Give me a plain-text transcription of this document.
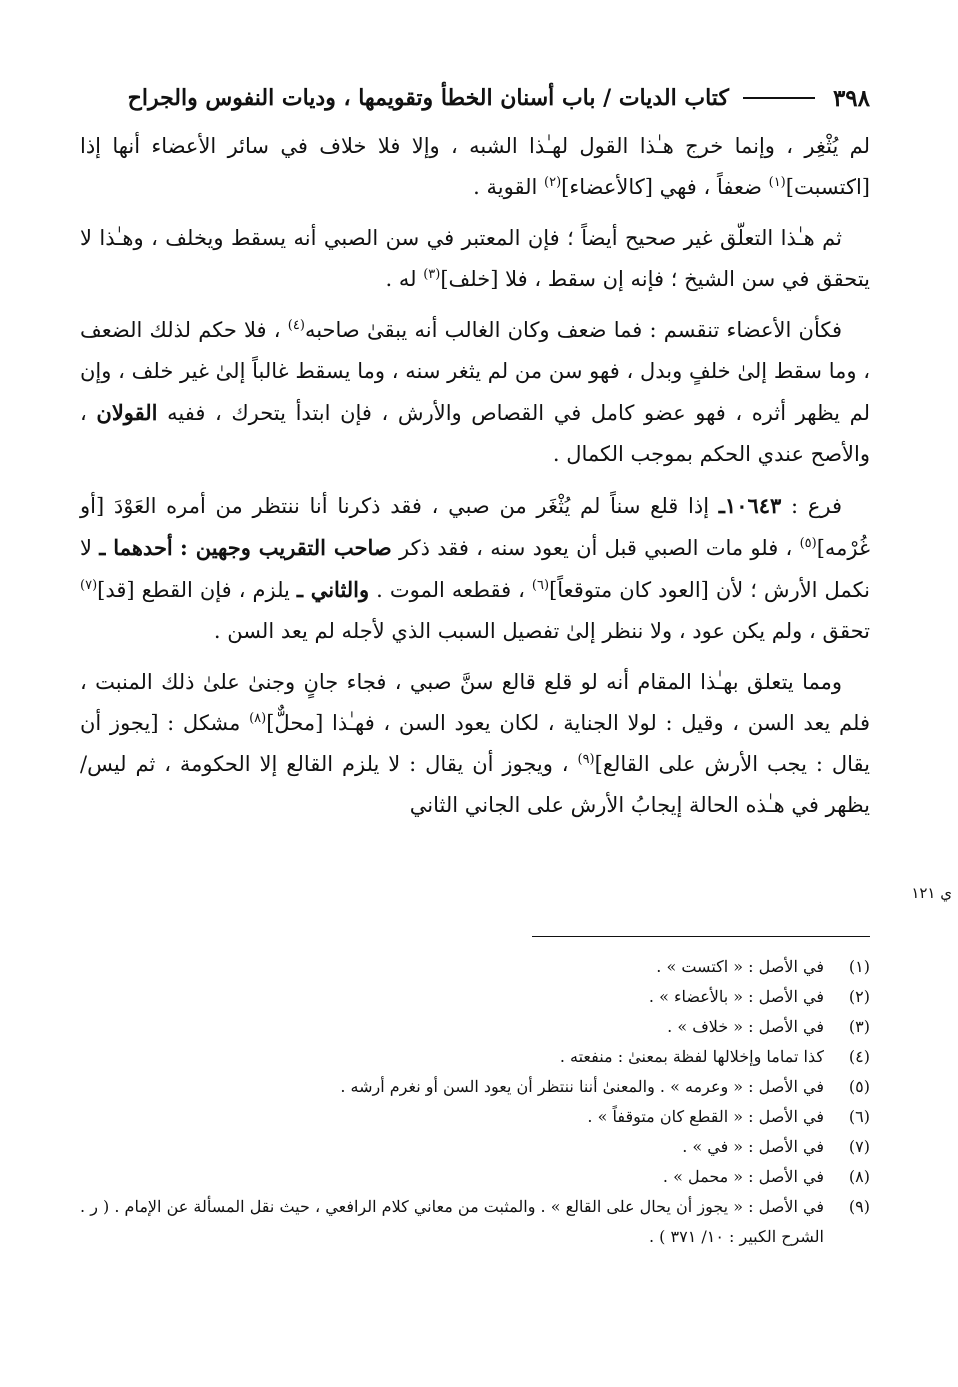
٣٩٨
كتاب الديات / باب أسنان الخطأ وتقويمها ، وديات النفوس والجراح

لم يُثْغِر ، وإنما خرج هـٰذا القول لهـٰذا الشبه ، وإلا فلا خلاف في سائر الأعضاء أنها إذا [اكتسبت]$^{(١)}$ ضعفاً ، فهي [كالأعضاء]$^{(٢)}$ القوية .

ثم هـٰذا التعلّق غير صحيح أيضاً ؛ فإن المعتبر في سن الصبي أنه يسقط ويخلف ، وهـٰذا لا يتحقق في سن الشيخ ؛ فإنه إن سقط ، فلا [خلف]$^{(٣)}$ له .

فكأن الأعضاء تنقسم : فما ضعف وكان الغالب أنه يبقىٰ صاحبه$^{(٤)}$ ، فلا حكم لذلك الضعف ، وما سقط إلىٰ خلفٍ وبدل ، فهو سن من لم يثغر سنه ، وما يسقط غالباً إلىٰ غير خلف ، وإن لم يظهر أثره ، فهو عضو كامل في القصاص والأرش ، فإن ابتدأ يتحرك ، ففيه القولان ، والأصح عندي الحكم بموجب الكمال .

فرع : ١٠٦٤٣ـ إذا قلع سناً لم يُثْغَر من صبي ، فقد ذكرنا أنا ننتظر من أمره العَوْدَ [أو غُرْمه]$^{(٥)}$ ، فلو مات الصبي قبل أن يعود سنه ، فقد ذكر صاحب التقريب وجهين : أحدهما ـ لا نكمل الأرش ؛ لأن [العود كان متوقعاً]$^{(٦)}$ ، فقطعه الموت . والثاني ـ يلزم ، فإن القطع [قد]$^{(٧)}$ تحقق ، ولم يكن عود ، ولا ننظر إلىٰ تفصيل السبب الذي لأجله لم يعد السن .

ومما يتعلق بهـٰذا المقام أنه لو قلع قالع سنَّ صبي ، فجاء جانٍ وجنىٰ علىٰ ذلك المنبت ، فلم يعد السن ، وقيل : لولا الجناية ، لكان يعود السن ، فهـٰذا [محلٌّ]$^{(٨)}$ مشكل : [يجوز أن يقال : يجب الأرش على القالع]$^{(٩)}$ ، ويجوز أن يقال : لا يلزم القالع إلا الحكومة ، ثم ليس/ يظهر في هـٰذه الحالة إيجابُ الأرش على الجاني الثاني

ي ١٢١
(١)
في الأصل : « اكتست » .
(٢)
في الأصل : « بالأعضاء » .
(٣)
في الأصل : « خلاف » .
(٤)
كذا تماما وإخلالها لفظة بمعنىٰ : منفعته .
(٥)
في الأصل : « وعرمه » . والمعنىٰ أننا ننتظر أن يعود السن أو نغرم أرشه .
(٦)
في الأصل : « القطع كان متوقفاً » .
(٧)
في الأصل : « في » .
(٨)
في الأصل : « محمل » .
(٩)
في الأصل : « يجوز أن يحال على القالع » . والمثبت من معاني كلام الرافعي ، حيث نقل المسألة عن الإمام . ( ر . الشرح الكبير : ١٠/ ٣٧١ ) .
